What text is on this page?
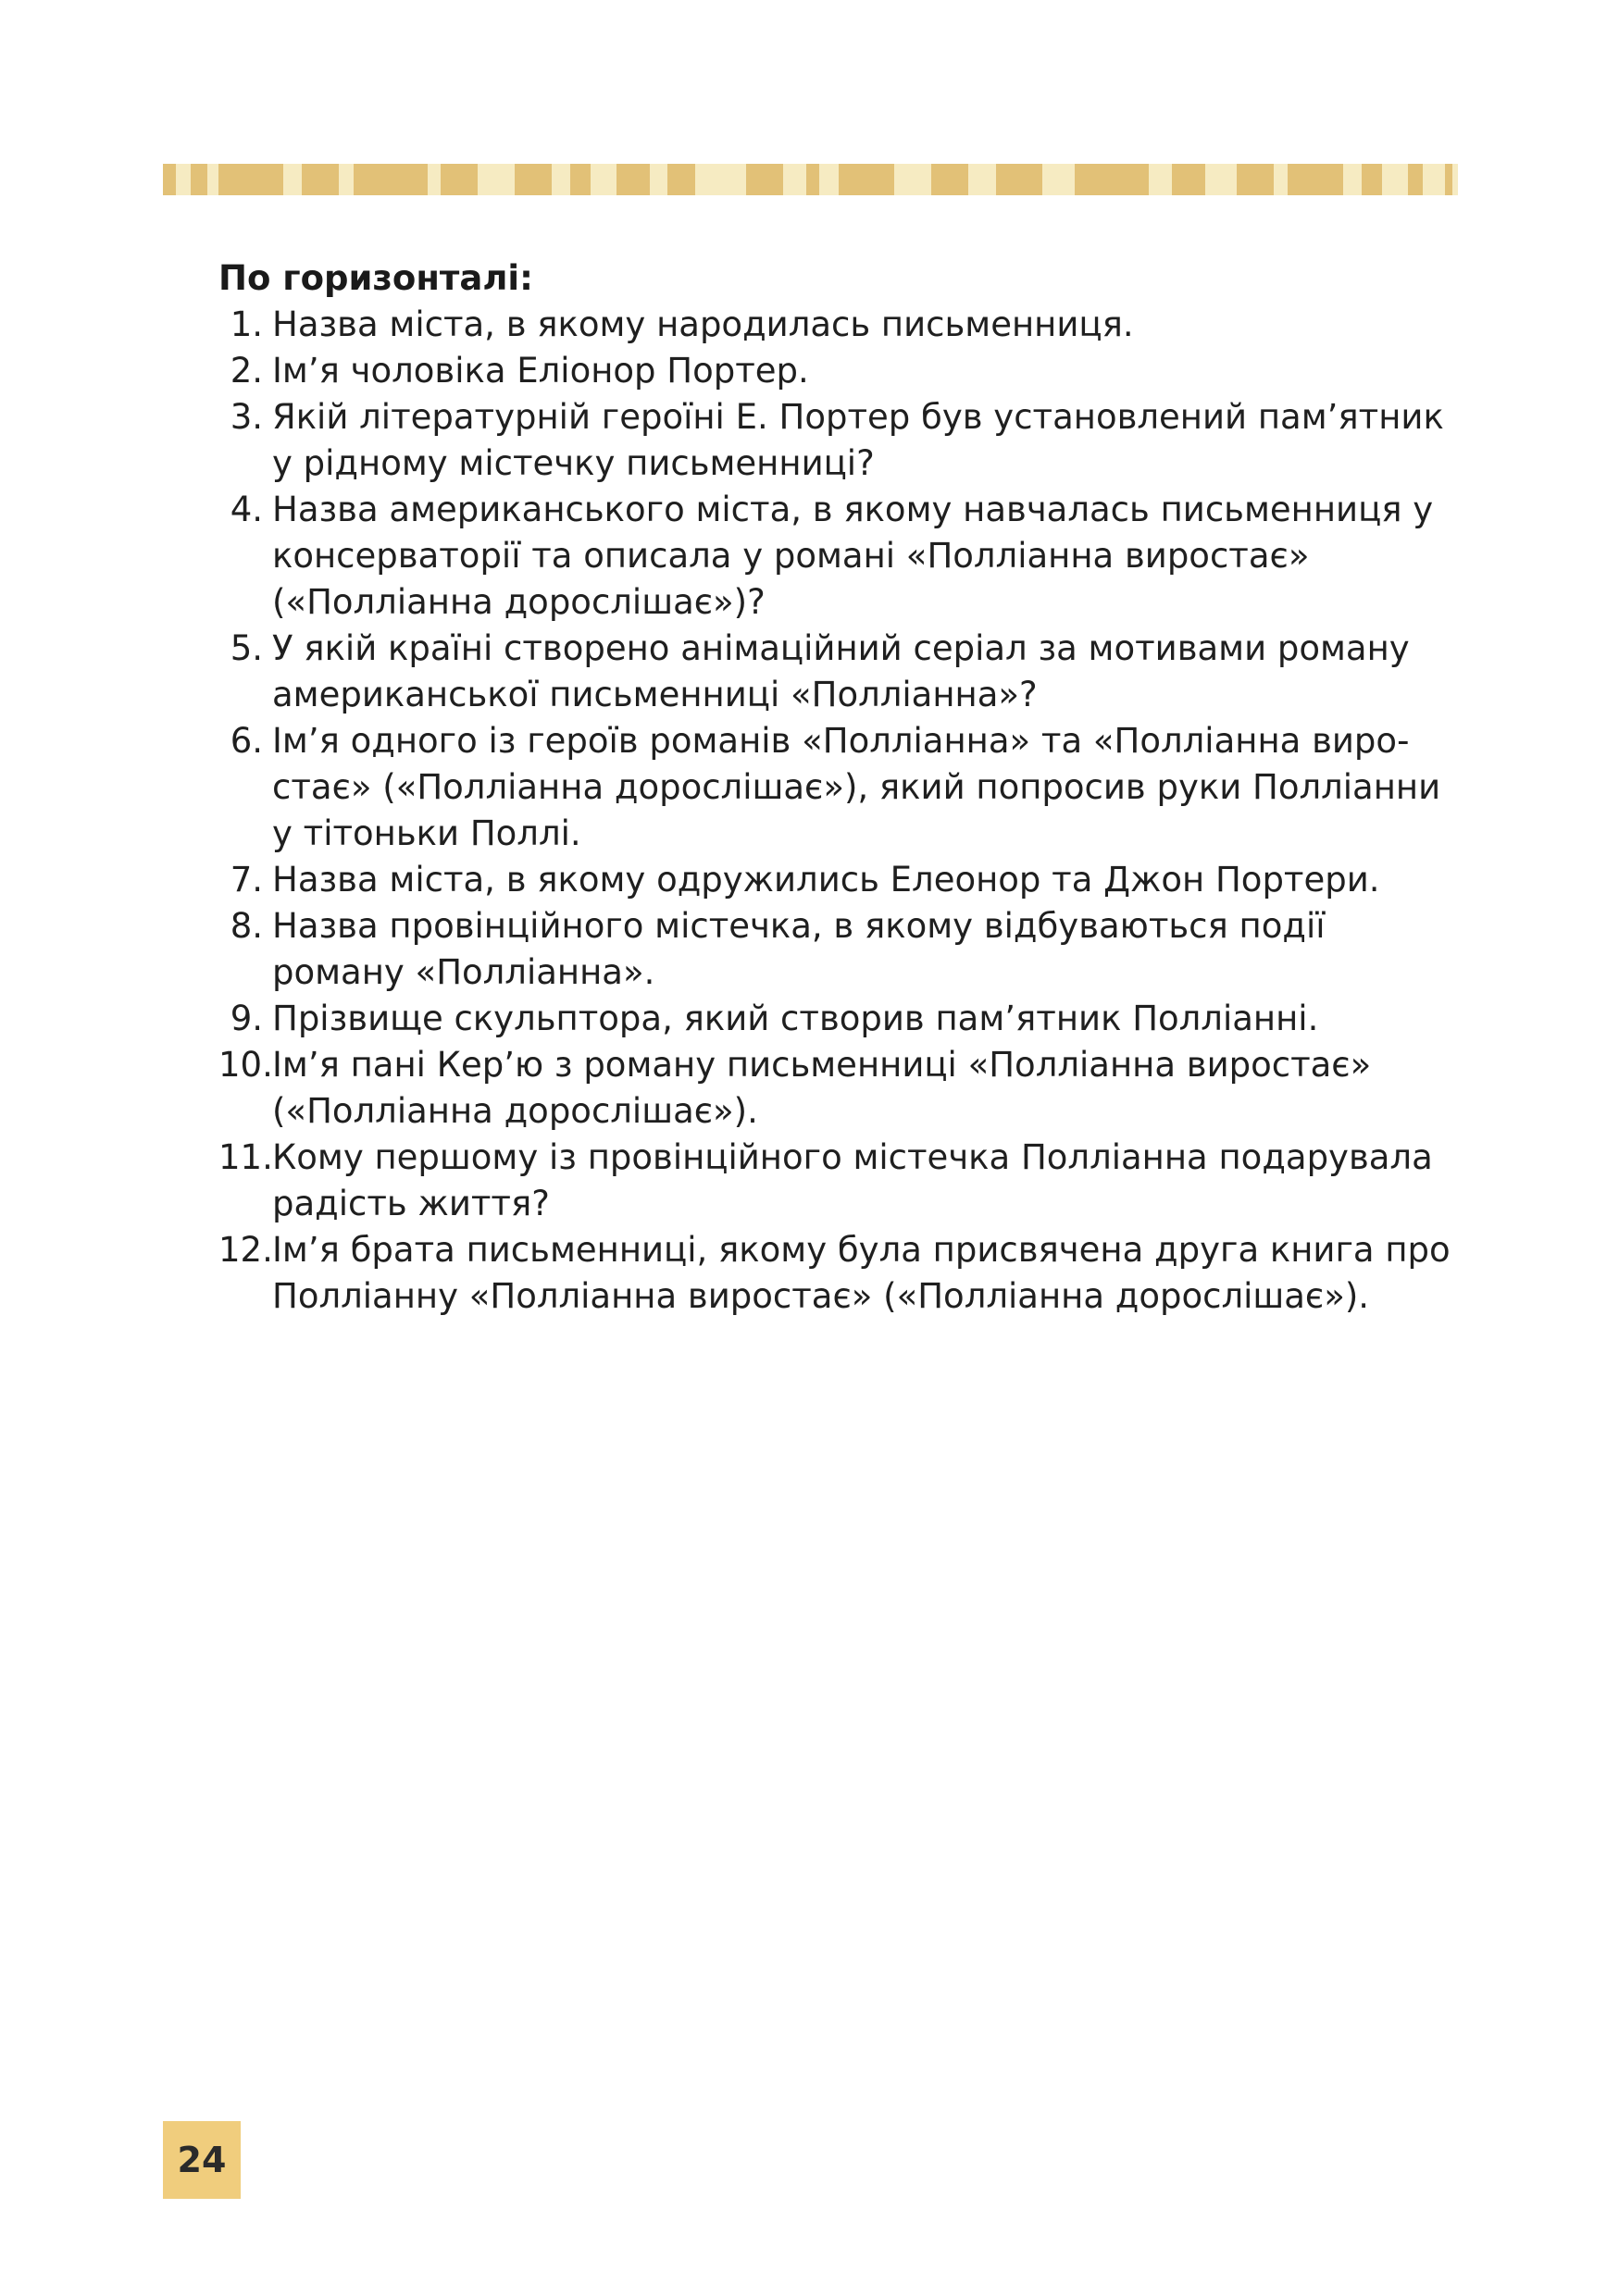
По горизонталі:
1. Назва міста, в якому народилась письменниця.
2. Ім’я чоловіка Еліонор Портер.
3. Якій літературній героїні Е. Портер був установлений пам’ятник у рідному містечку письменниці?
4. Назва американського міста, в якому навчалась письменниця у консерваторії та описала у романі «Поллiанна виростає» («Полліанна дорослішає»)?
5. У якій країні створено анімаційний серіал за мотивами роману американської письменниці «Поллiанна»?
6. Ім’я одного із героїв романів «Поллiанна» та «Поллiанна виростає» («Поллiанна дорослішає»), який попросив руки Поллiанни у тітоньки Поллі.
7. Назва міста, в якому одружились Елеонор та Джон Портери.
8. Назва провінційного містечка, в якому відбуваються події роману «Поллiанна».
9. Прізвище скульптора, який створив пам’ятник Поллiанні.
10. Ім’я пані Кер’ю з роману письменниці «Поллiанна виростає» («Поллiанна дорослішає»).
11. Кому першому із провінційного містечка Поллiанна подарувала радість життя?
12. Ім’я брата письменниці, якому була присвячена друга книга про Поллiанну «Поллiанна виростає» («Поллiанна дорослішає»).
24
